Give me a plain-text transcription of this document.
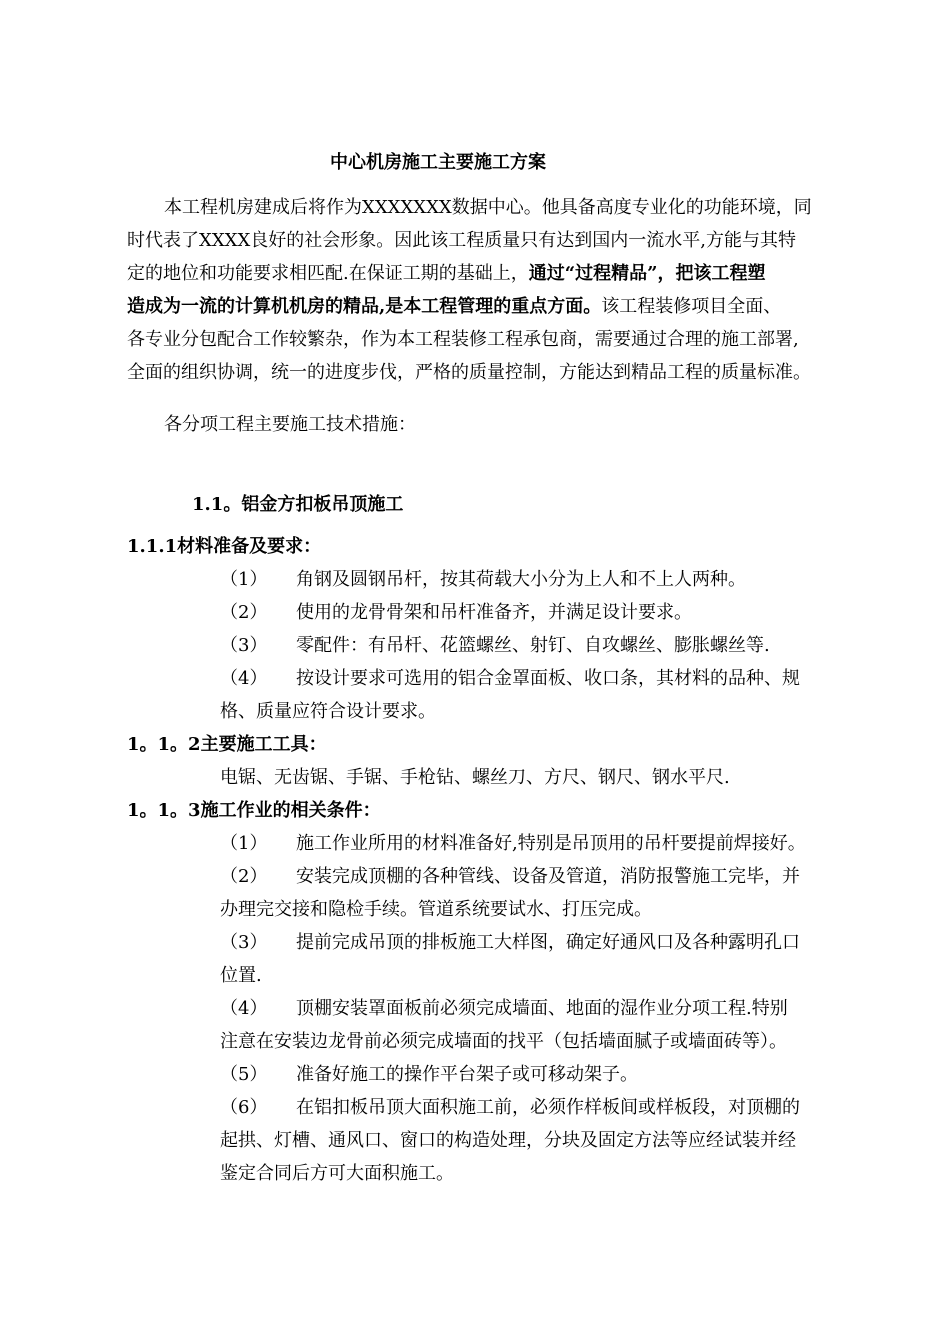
中心机房施工主要施工方案
本工程机房建成后将作为XXXXXXX数据中心。他具备高度专业化的功能环境，同
时代表了XXXX良好的社会形象。因此该工程质量只有达到国内一流水平,方能与其特
定的地位和功能要求相匹配.在保证工期的基础上，通过“过程精品”，把该工程塑
造成为一流的计算机机房的精品,是本工程管理的重点方面。该工程装修项目全面、
各专业分包配合工作较繁杂，作为本工程装修工程承包商，需要通过合理的施工部署,
全面的组织协调，统一的进度步伐，严格的质量控制，方能达到精品工程的质量标准。
各分项工程主要施工技术措施：
1.1。铝金方扣板吊顶施工
1.1.1材料准备及要求：
（1） 角钢及圆钢吊杆，按其荷载大小分为上人和不上人两种。
（2） 使用的龙骨骨架和吊杆准备齐，并满足设计要求。
（3） 零配件：有吊杆、花篮螺丝、射钉、自攻螺丝、膨胀螺丝等.
（4） 按设计要求可选用的铝合金罩面板、收口条，其材料的品种、规
格、质量应符合设计要求。
1。1。2主要施工工具：
电锯、无齿锯、手锯、手枪钻、螺丝刀、方尺、钢尺、钢水平尺.
1。1。3施工作业的相关条件：
（1） 施工作业所用的材料准备好,特别是吊顶用的吊杆要提前焊接好。
（2） 安装完成顶棚的各种管线、设备及管道，消防报警施工完毕，并
办理完交接和隐检手续。管道系统要试水、打压完成。
（3） 提前完成吊顶的排板施工大样图，确定好通风口及各种露明孔口
位置.
（4） 顶棚安装罩面板前必须完成墙面、地面的湿作业分项工程.特别
注意在安装边龙骨前必须完成墙面的找平（包括墙面腻子或墙面砖等）。
（5） 准备好施工的操作平台架子或可移动架子。
（6） 在铝扣板吊顶大面积施工前，必须作样板间或样板段，对顶棚的
起拱、灯槽、通风口、窗口的构造处理，分块及固定方法等应经试装并经
鉴定合同后方可大面积施工。
